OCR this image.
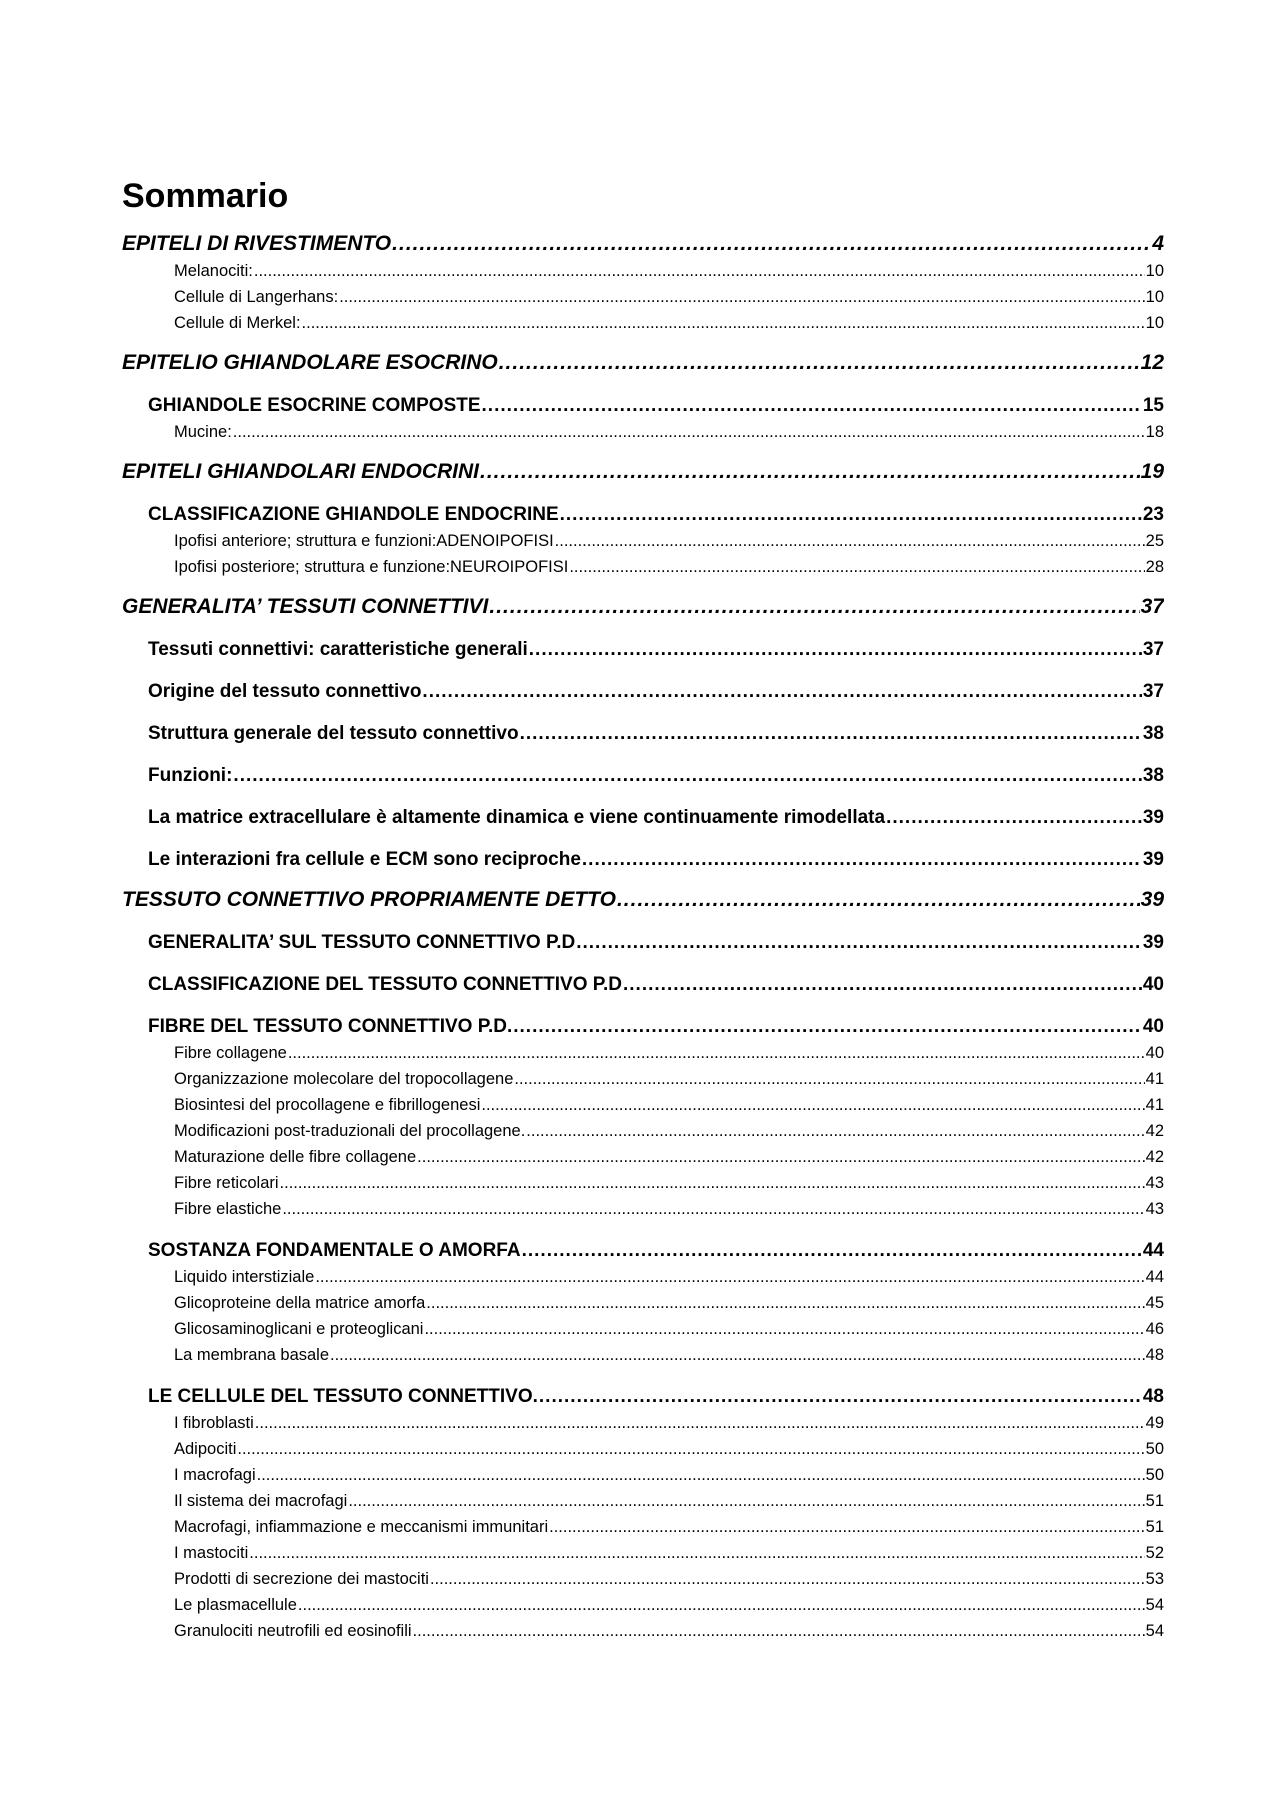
Sommario
EPITELI DI RIVESTIMENTO .....	4
Melanociti: .....	10
Cellule di Langerhans: .....	10
Cellule di Merkel: .....	10
EPITELIO GHIANDOLARE ESOCRINO .....	12
GHIANDOLE ESOCRINE COMPOSTE .....	15
Mucine: .....	18
EPITELI GHIANDOLARI ENDOCRINI .....	19
CLASSIFICAZIONE GHIANDOLE ENDOCRINE .....	23
Ipofisi anteriore; struttura e funzioni:ADENOIPOFISI .....	25
Ipofisi posteriore; struttura e funzione:NEUROIPOFISI .....	28
GENERALITA’ TESSUTI CONNETTIVI .....	37
Tessuti connettivi: caratteristiche generali .....	37
Origine del tessuto connettivo .....	37
Struttura generale del tessuto connettivo .....	38
Funzioni: .....	38
La matrice extracellulare è altamente dinamica e viene continuamente rimodellata .....	39
Le interazioni fra cellule e ECM sono reciproche .....	39
TESSUTO CONNETTIVO PROPRIAMENTE DETTO .....	39
GENERALITA’ SUL TESSUTO CONNETTIVO P.D .....	39
CLASSIFICAZIONE DEL TESSUTO CONNETTIVO P.D .....	40
FIBRE DEL TESSUTO CONNETTIVO P.D. .....	40
Fibre collagene .....	40
Organizzazione molecolare del tropocollagene .....	41
Biosintesi del procollagene e fibrillogenesi .....	41
Modificazioni post-traduzionali del procollagene. .....	42
Maturazione delle fibre collagene .....	42
Fibre reticolari .....	43
Fibre elastiche .....	43
SOSTANZA FONDAMENTALE O AMORFA .....	44
Liquido interstiziale .....	44
Glicoproteine della matrice amorfa .....	45
Glicosaminoglicani e proteoglicani .....	46
La membrana basale .....	48
LE CELLULE DEL TESSUTO CONNETTIVO. .....	48
I fibroblasti .....	49
Adipociti .....	50
I macrofagi .....	50
Il sistema dei macrofagi .....	51
Macrofagi, infiammazione e meccanismi immunitari .....	51
I mastociti .....	52
Prodotti di secrezione dei mastociti .....	53
Le plasmacellule .....	54
Granulociti neutrofili ed eosinofili .....	54
